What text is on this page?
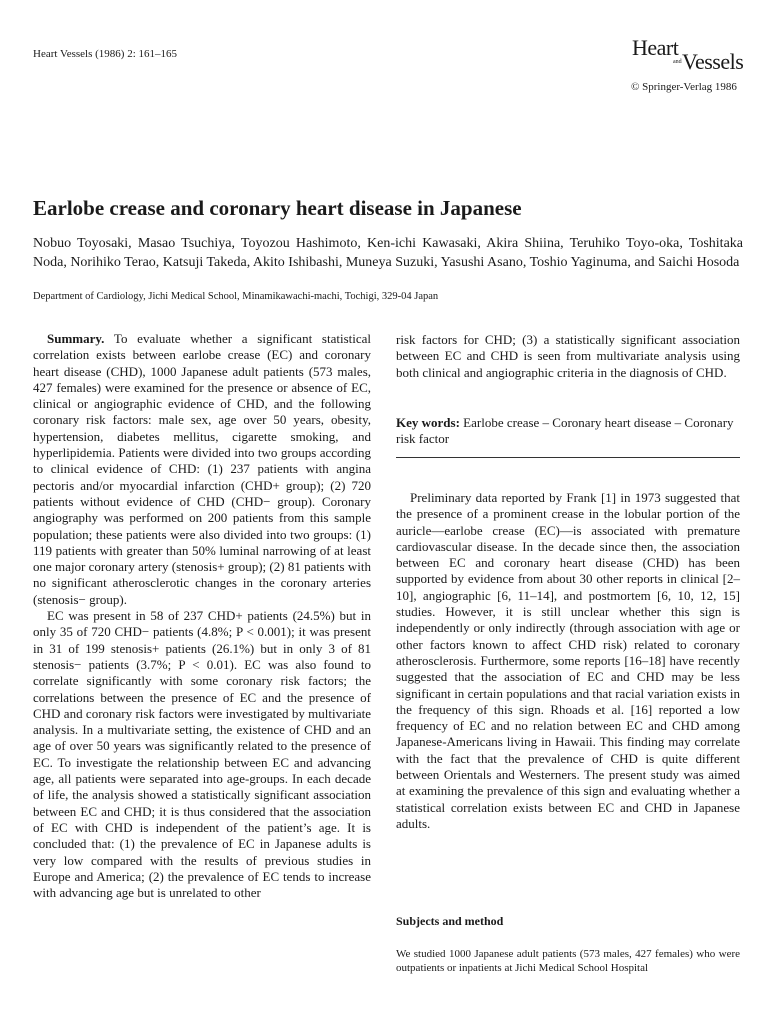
Heart Vessels (1986) 2: 161–165	Heart
and Vessels
© Springer-Verlag 1986
Earlobe crease and coronary heart disease in Japanese
Nobuo Toyosaki, Masao Tsuchiya, Toyozou Hashimoto, Ken-ichi Kawasaki, Akira Shiina, Teruhiko Toyo-oka, Toshitaka Noda, Norihiko Terao, Katsuji Takeda, Akito Ishibashi, Muneya Suzuki, Yasushi Asano, Toshio Yaginuma, and Saichi Hosoda
Department of Cardiology, Jichi Medical School, Minamikawachi-machi, Tochigi, 329-04 Japan

Summary. To evaluate whether a significant statistical correlation exists between earlobe crease (EC) and coronary heart disease (CHD), 1000 Japanese adult patients (573 males, 427 females) were examined for the presence or absence of EC, clinical or angiographic evidence of CHD, and the following coronary risk factors: male sex, age over 50 years, obesity, hypertension, diabetes mellitus, cigarette smoking, and hyperlipidemia. Patients were divided into two groups according to clinical evidence of CHD: (1) 237 patients with angina pectoris and/or myocardial infarction (CHD+ group); (2) 720 patients without evidence of CHD (CHD− group). Coronary angiography was performed on 200 patients from this sample population; these patients were also divided into two groups: (1) 119 patients with greater than 50% luminal narrowing of at least one major coronary artery (stenosis+ group); (2) 81 patients with no significant atherosclerotic changes in the coronary arteries (stenosis− group).

EC was present in 58 of 237 CHD+ patients (24.5%) but in only 35 of 720 CHD− patients (4.8%; P < 0.001); it was present in 31 of 199 stenosis+ patients (26.1%) but in only 3 of 81 stenosis− patients (3.7%; P < 0.01). EC was also found to correlate significantly with some coronary risk factors; the correlations between the presence of EC and the presence of CHD and coronary risk factors were investigated by multivariate analysis. In a multivariate setting, the existence of CHD and an age of over 50 years was significantly related to the presence of EC. To investigate the relationship between EC and advancing age, all patients were separated into age-groups. In each decade of life, the analysis showed a statistically significant association between EC and CHD; it is thus considered that the association of EC with CHD is independent of the patient’s age. It is concluded that: (1) the prevalence of EC in Japanese adults is very low compared with the results of previous studies in Europe and America; (2) the prevalence of EC tends to increase with advancing age but is unrelated to other

risk factors for CHD; (3) a statistically significant association between EC and CHD is seen from multivariate analysis using both clinical and angiographic criteria in the diagnosis of CHD.

Key words: Earlobe crease – Coronary heart disease – Coronary risk factor

Preliminary data reported by Frank [1] in 1973 suggested that the presence of a prominent crease in the lobular portion of the auricle—earlobe crease (EC)—is associated with premature cardiovascular disease. In the decade since then, the association between EC and coronary heart disease (CHD) has been supported by evidence from about 30 other reports in clinical [2–10], angiographic [6, 11–14], and postmortem [6, 10, 12, 15] studies. However, it is still unclear whether this sign is independently or only indirectly (through association with age or other factors known to affect CHD risk) related to coronary atherosclerosis. Furthermore, some reports [16–18] have recently suggested that the association of EC and CHD may be less significant in certain populations and that racial variation exists in the frequency of this sign. Rhoads et al. [16] reported a low frequency of EC and no relation between EC and CHD among Japanese-Americans living in Hawaii. This finding may correlate with the fact that the prevalence of CHD is quite different between Orientals and Westerners. The present study was aimed at examining the prevalence of this sign and evaluating whether a statistical correlation exists between EC and CHD in Japanese adults.

Subjects and method

We studied 1000 Japanese adult patients (573 males, 427 females) who were outpatients or inpatients at Jichi Medical School Hospital
